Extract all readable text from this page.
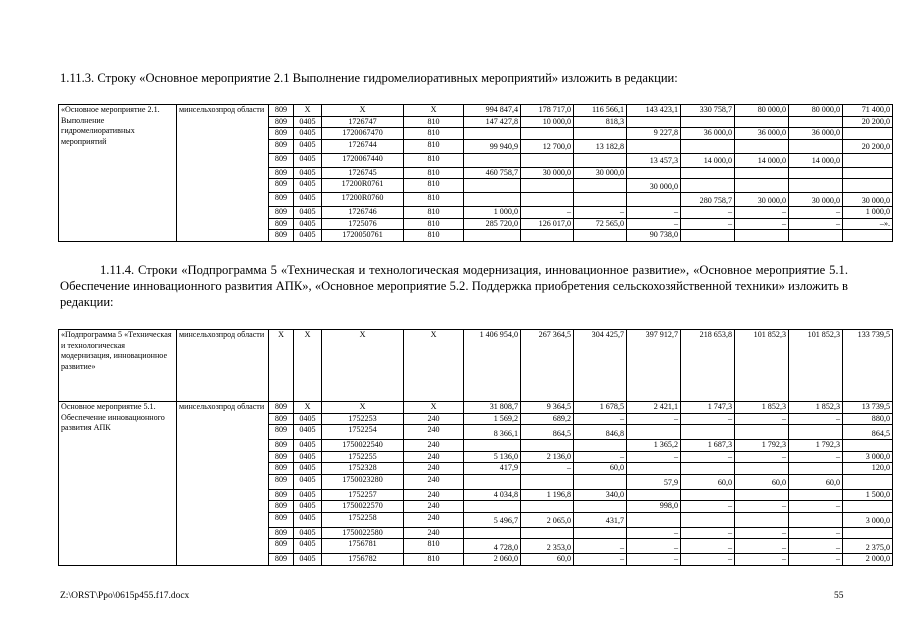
1.11.3. Строку «Основное мероприятие 2.1 Выполнение гидромелиоративных мероприятий» изложить в редакции:
«Основное мероприятие 2.1. Выполнение гидромелиоративных мероприятий	минсельхозпрод области	809	X	X	X	994 847,4	178 717,0	116 566,1	143 423,1	330 758,7	80 000,0	80 000,0	71 400,0
		809	0405	1726747	810	147 427,8	10 000,0	818,3					20 200,0
		809	0405	1720067470	810				9 227,8	36 000,0	36 000,0	36 000,0	
		809	0405	1726744	810	99 940,9	12 700,0	13 182,8					20 200,0
		809	0405	1720067440	810				13 457,3	14 000,0	14 000,0	14 000,0	
		809	0405	1726745	810	460 758,7	30 000,0	30 000,0					
		809	0405	17200R0761	810				30 000,0				
		809	0405	17200R0760	810					280 758,7	30 000,0	30 000,0	30 000,0
		809	0405	1726746	810	1 000,0	–	–	–	–	–	–	1 000,0
		809	0405	1725076	810	285 720,0	126 017,0	72 565,0	–	–	–	–	–».
		809	0405	1720050761	810				90 738,0				
1.11.4. Строки «Подпрограмма 5 «Техническая и технологическая модернизация, инновационное развитие», «Основное мероприятие 5.1. Обеспечение инновационного развития АПК», «Основное мероприятие 5.2. Поддержка приобретения сельскохозяйственной техники» изложить в редакции:
«Подпрограмма 5 «Техническая и технологическая модернизация, инновационное развитие»	минсельхозпрод области	X	X	X	X	1 406 954,0	267 364,5	304 425,7	397 912,7	218 653,8	101 852,3	101 852,3	133 739,5
Основное мероприятие 5.1. Обеспечение инновационного развития АПК	минсельхозпрод области	809	X	X	X	31 808,7	9 364,5	1 678,5	2 421,1	1 747,3	1 852,3	1 852,3	13 739,5
		809	0405	1752253	240	1 569,2	689,2	–	–	–	–	–	880,0
		809	0405	1752254	240	8 366,1	864,5	846,8					864,5
		809	0405	1750022540	240				1 365,2	1 687,3	1 792,3	1 792,3	
		809	0405	1752255	240	5 136,0	2 136,0	–	–	–	–	–	3 000,0
		809	0405	1752328	240	417,9	–	60,0					120,0
		809	0405	1750023280	240				57,9	60,0	60,0	60,0	
		809	0405	1752257	240	4 034,8	1 196,8	340,0					1 500,0
		809	0405	1750022570	240				998,0	–	–	–	
		809	0405	1752258	240	5 496,7	2 065,0	431,7					3 000,0
		809	0405	1750022580	240				–	–	–	–	
		809	0405	1756781	810	4 728,0	2 353,0	–	–	–	–	–	2 375,0
		809	0405	1756782	810	2 060,0	60,0	–	–	–	–	–	2 000,0
Z:\ORST\Ppo\0615p455.f17.docx	55
